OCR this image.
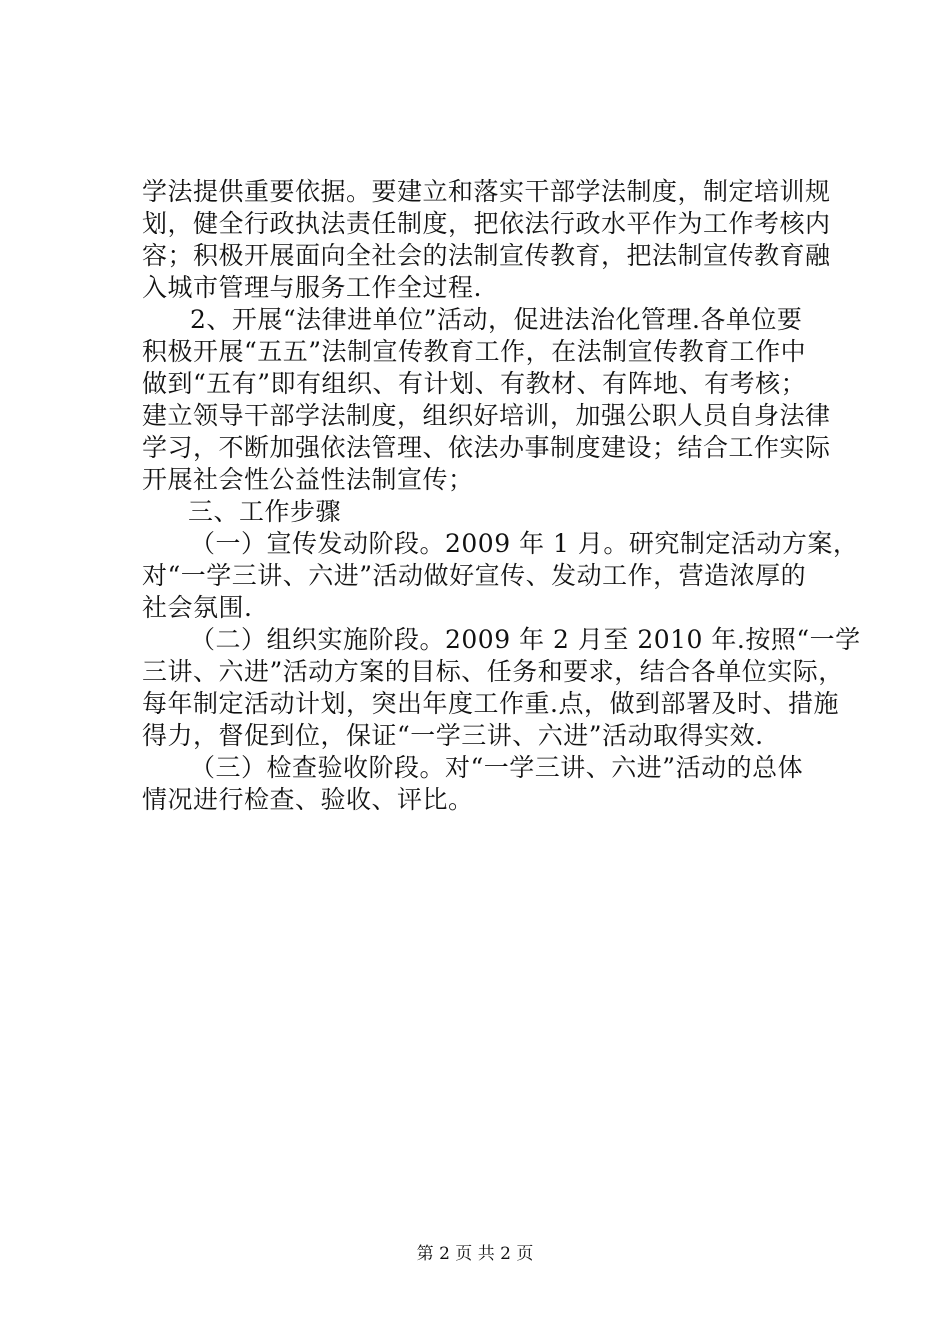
学法提供重要依据。要建立和落实干部学法制度，制定培训规
划，健全行政执法责任制度，把依法行政水平作为工作考核内
容；积极开展面向全社会的法制宣传教育，把法制宣传教育融
入城市管理与服务工作全过程.
2、开展“法律进单位”活动，促进法治化管理.各单位要
积极开展“五五”法制宣传教育工作，在法制宣传教育工作中
做到“五有”即有组织、有计划、有教材、有阵地、有考核；
建立领导干部学法制度，组织好培训，加强公职人员自身法律
学习，不断加强依法管理、依法办事制度建设；结合工作实际
开展社会性公益性法制宣传；
三、工作步骤
（一）宣传发动阶段。2009 年 1 月。研究制定活动方案，
对“一学三讲、六进”活动做好宣传、发动工作，营造浓厚的
社会氛围.
（二）组织实施阶段。2009 年 2 月至 2010 年.按照“一学
三讲、六进”活动方案的目标、任务和要求，结合各单位实际，
每年制定活动计划，突出年度工作重.点，做到部署及时、措施
得力，督促到位，保证“一学三讲、六进”活动取得实效.
（三）检查验收阶段。对“一学三讲、六进”活动的总体
情况进行检查、验收、评比。
第 2 页 共 2 页
